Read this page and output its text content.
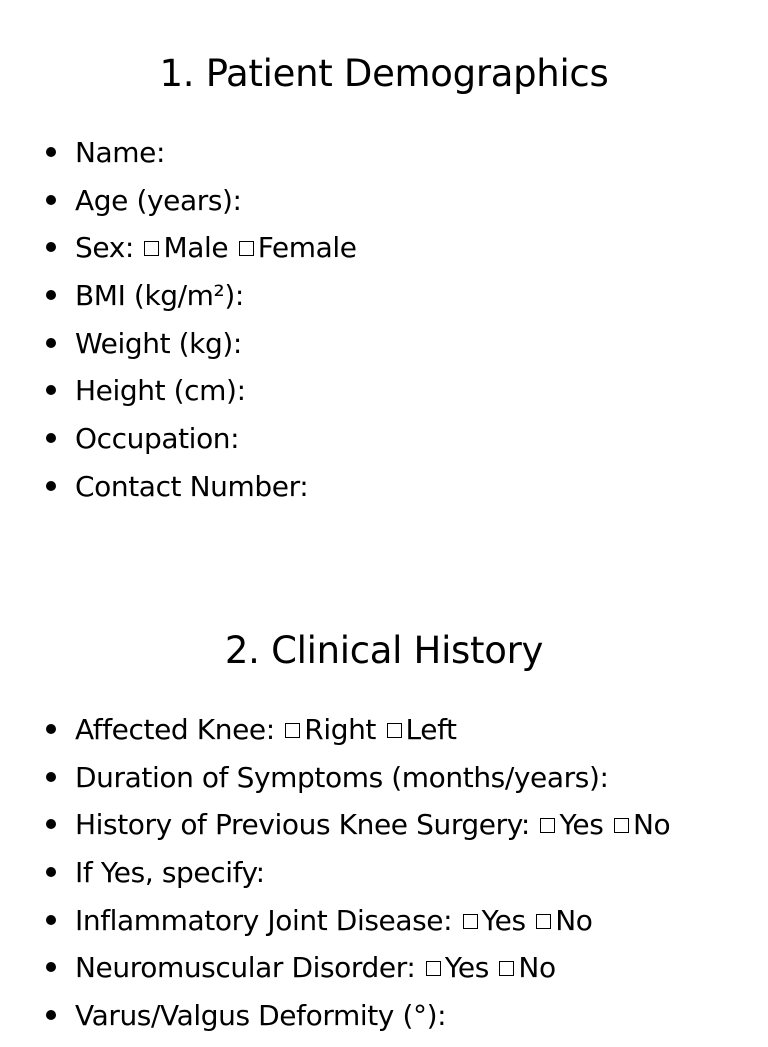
1. Patient Demographics
Name:
Age (years):
Sex: Male Female
BMI (kg/m²):
Weight (kg):
Height (cm):
Occupation:
Contact Number:
2. Clinical History
Affected Knee: Right Left
Duration of Symptoms (months/years):
History of Previous Knee Surgery: Yes No
If Yes, specify:
Inflammatory Joint Disease: Yes No
Neuromuscular Disorder: Yes No
Varus/Valgus Deformity (°):
